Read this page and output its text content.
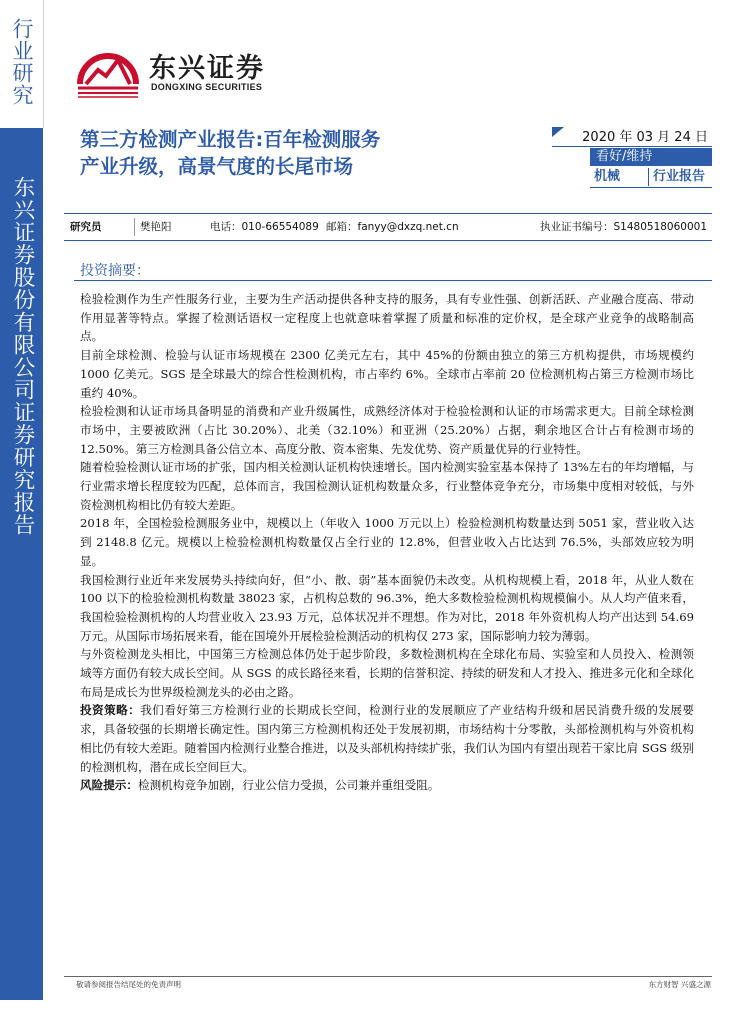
行业研究
东兴证券股份有限公司证券研究报告
东兴证券
DONGXING SECURITIES
第三方检测产业报告:百年检测服务
产业升级，高景气度的长尾市场
2020 年 03 月 24 日
看好/维持
机械	行业报告
研究员	樊艳阳	电话：010-66554089 邮箱：fanyy@dxzq.net.cn	执业证书编号：S1480518060001
投资摘要：

检验检测作为生产性服务行业，主要为生产活动提供各种支持的服务，具有专业性强、创新活跃、产业融合度高、带动作用显著等特点。掌握了检测话语权一定程度上也就意味着掌握了质量和标准的定价权，是全球产业竞争的战略制高点。

目前全球检测、检验与认证市场规模在 2300 亿美元左右，其中 45%的份额由独立的第三方机构提供，市场规模约 1000 亿美元。SGS 是全球最大的综合性检测机构，市占率约 6%。全球市占率前 20 位检测机构占第三方检测市场比重约 40%。

检验检测和认证市场具备明显的消费和产业升级属性，成熟经济体对于检验检测和认证的市场需求更大。目前全球检测市场中，主要被欧洲（占比 30.20%）、北美（32.10%）和亚洲（25.20%）占据，剩余地区合计占有检测市场的 12.50%。第三方检测具备公信立本、高度分散、资本密集、先发优势、资产质量优异的行业特性。

随着检验检测认证市场的扩张，国内相关检测认证机构快速增长。国内检测实验室基本保持了 13%左右的年均增幅，与行业需求增长程度较为匹配，总体而言，我国检测认证机构数量众多，行业整体竞争充分，市场集中度相对较低，与外资检测机构相比仍有较大差距。

2018 年，全国检验检测服务业中，规模以上（年收入 1000 万元以上）检验检测机构数量达到 5051 家，营业收入达到 2148.8 亿元。规模以上检验检测机构数量仅占全行业的 12.8%，但营业收入占比达到 76.5%，头部效应较为明显。

我国检测行业近年来发展势头持续向好，但“小、散、弱”基本面貌仍未改变。从机构规模上看，2018 年，从业人数在 100 以下的检验检测机构数量 38023 家，占机构总数的 96.3%，绝大多数检验检测机构规模偏小。从人均产值来看，我国检验检测机构的人均营业收入 23.93 万元，总体状况并不理想。作为对比，2018 年外资机构人均产出达到 54.69 万元。从国际市场拓展来看，能在国境外开展检验检测活动的机构仅 273 家，国际影响力较为薄弱。

与外资检测龙头相比，中国第三方检测总体仍处于起步阶段，多数检测机构在全球化布局、实验室和人员投入、检测领域等方面仍有较大成长空间。从 SGS 的成长路径来看，长期的信誉积淀、持续的研发和人才投入、推进多元化和全球化布局是成长为世界级检测龙头的必由之路。

投资策略：我们看好第三方检测行业的长期成长空间，检测行业的发展顺应了产业结构升级和居民消费升级的发展要求，具备较强的长期增长确定性。国内第三方检测机构还处于发展初期，市场结构十分零散，头部检测机构与外资机构相比仍有较大差距。随着国内检测行业整合推进，以及头部机构持续扩张，我们认为国内有望出现若干家比肩 SGS 级别的检测机构，潜在成长空间巨大。

风险提示：检测机构竞争加剧，行业公信力受损，公司兼并重组受阻。

敬请参阅报告结尾处的免责声明	东方财智 兴盛之源
